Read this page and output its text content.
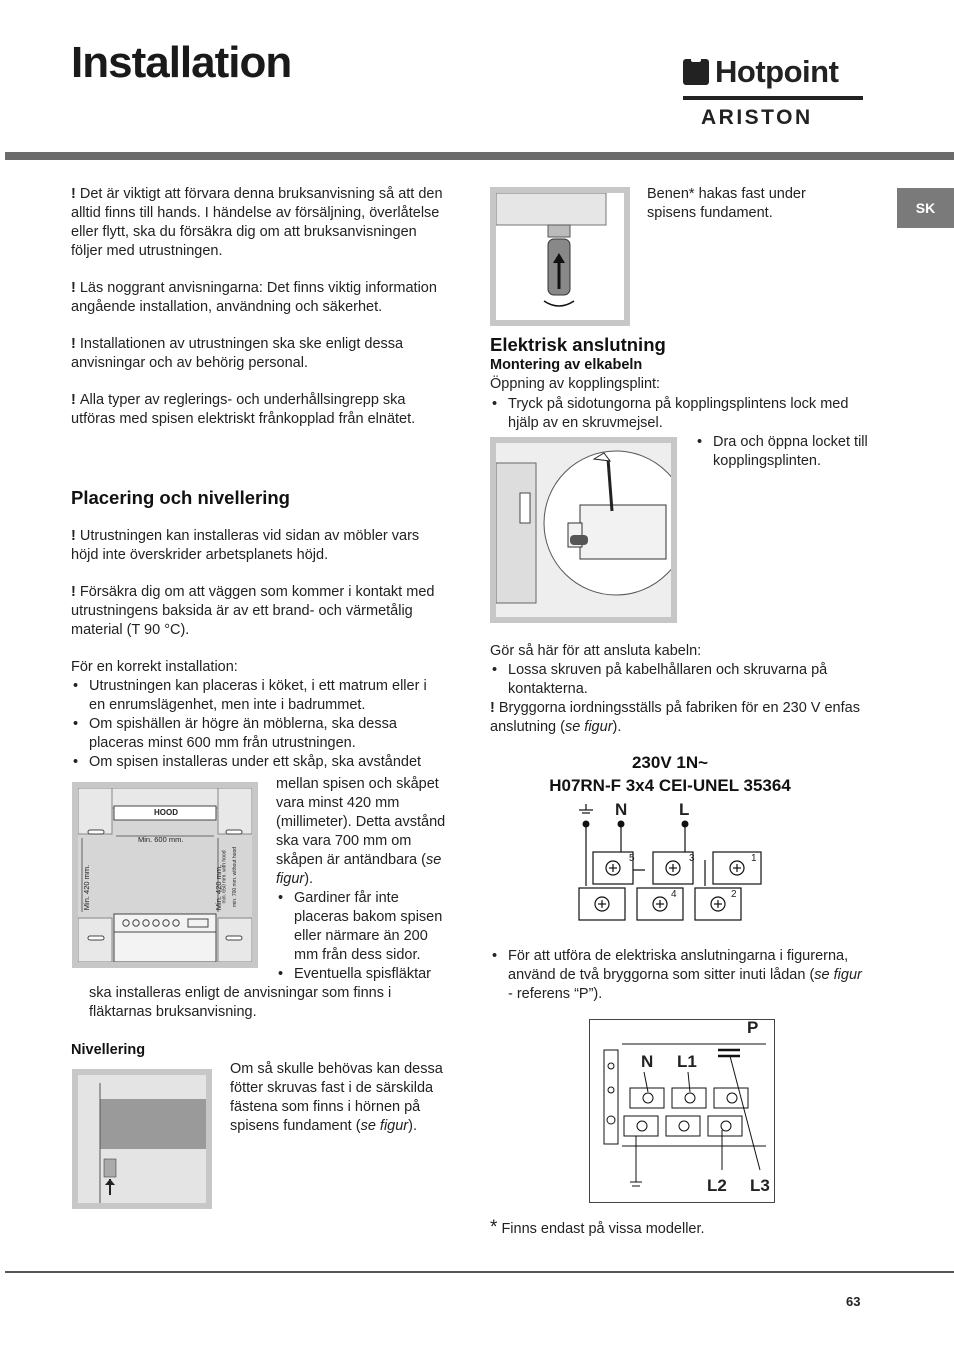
Installation	Hotpoint
ARISTON
SK

! Det är viktigt att förvara denna bruksanvisning så att den alltid finns till hands. I händelse av försäljning, överlåtelse eller flytt, ska du försäkra dig om att bruksanvisningen följer med utrustningen.

! Läs noggrant anvisningarna: Det finns viktig information angående installation, användning och säkerhet.

! Installationen av utrustningen ska ske enligt dessa anvisningar och av behörig personal.

! Alla typer av reglerings- och underhållsingrepp ska utföras med spisen elektriskt frånkopplad från elnätet.

Placering och nivellering

! Utrustningen kan installeras vid sidan av möbler vars höjd inte överskrider arbetsplanets höjd.

! Försäkra dig om att väggen som kommer i kontakt med utrustningens baksida är av ett brand- och värmetålig material (T 90 °C).

För en korrekt installation:

• Utrustningen kan placeras i köket, i ett matrum eller i en enrumslägenhet, men inte i badrummet.
• Om spishällen är högre än möblerna, ska dessa placeras minst 600 mm från utrustningen.
• Om spisen installeras under ett skåp, ska avståndet
HOOD
Min. 600 mm.
Min. 420 mm.	Min. 420 mm.
min. 650 mm. with hood min. 700 mm. without hood
mellan spisen och skåpet vara minst 420 mm (millimeter). Detta avstånd ska vara 700 mm om skåpen är antändbara (se figur).
• Gardiner får inte placeras bakom spisen eller närmare än 200 mm från dess sidor.
• Eventuella spisfläktar
ska installeras enligt de anvisningar som finns i fläktarnas bruksanvisning.
Nivellering
Om så skulle behövas kan dessa fötter skruvas fast i de särskilda fästena som finns i hörnen på spisens fundament (se figur).
Benen* hakas fast under spisens fundament.
Elektrisk anslutning
Montering av elkabeln
Öppning av kopplingsplint:
• Tryck på sidotungorna på kopplingsplintens lock med hjälp av en skruvmejsel.
• Dra och öppna locket till kopplingsplinten.

Gör så här för att ansluta kabeln:

• Lossa skruven på kabelhållaren och skruvarna på kontakterna.

! Bryggorna iordningsställs på fabriken för en 230 V enfas anslutning (se figur).

230V 1N~
H07RN-F 3x4 CEI-UNEL 35364
N	L
5	3	1
4	2
• För att utföra de elektriska anslutningarna i figurerna, använd de två bryggorna som sitter inuti lådan (se figur - referens “P”).
P
N L1
L2 L3
* Finns endast på vissa modeller.
63
